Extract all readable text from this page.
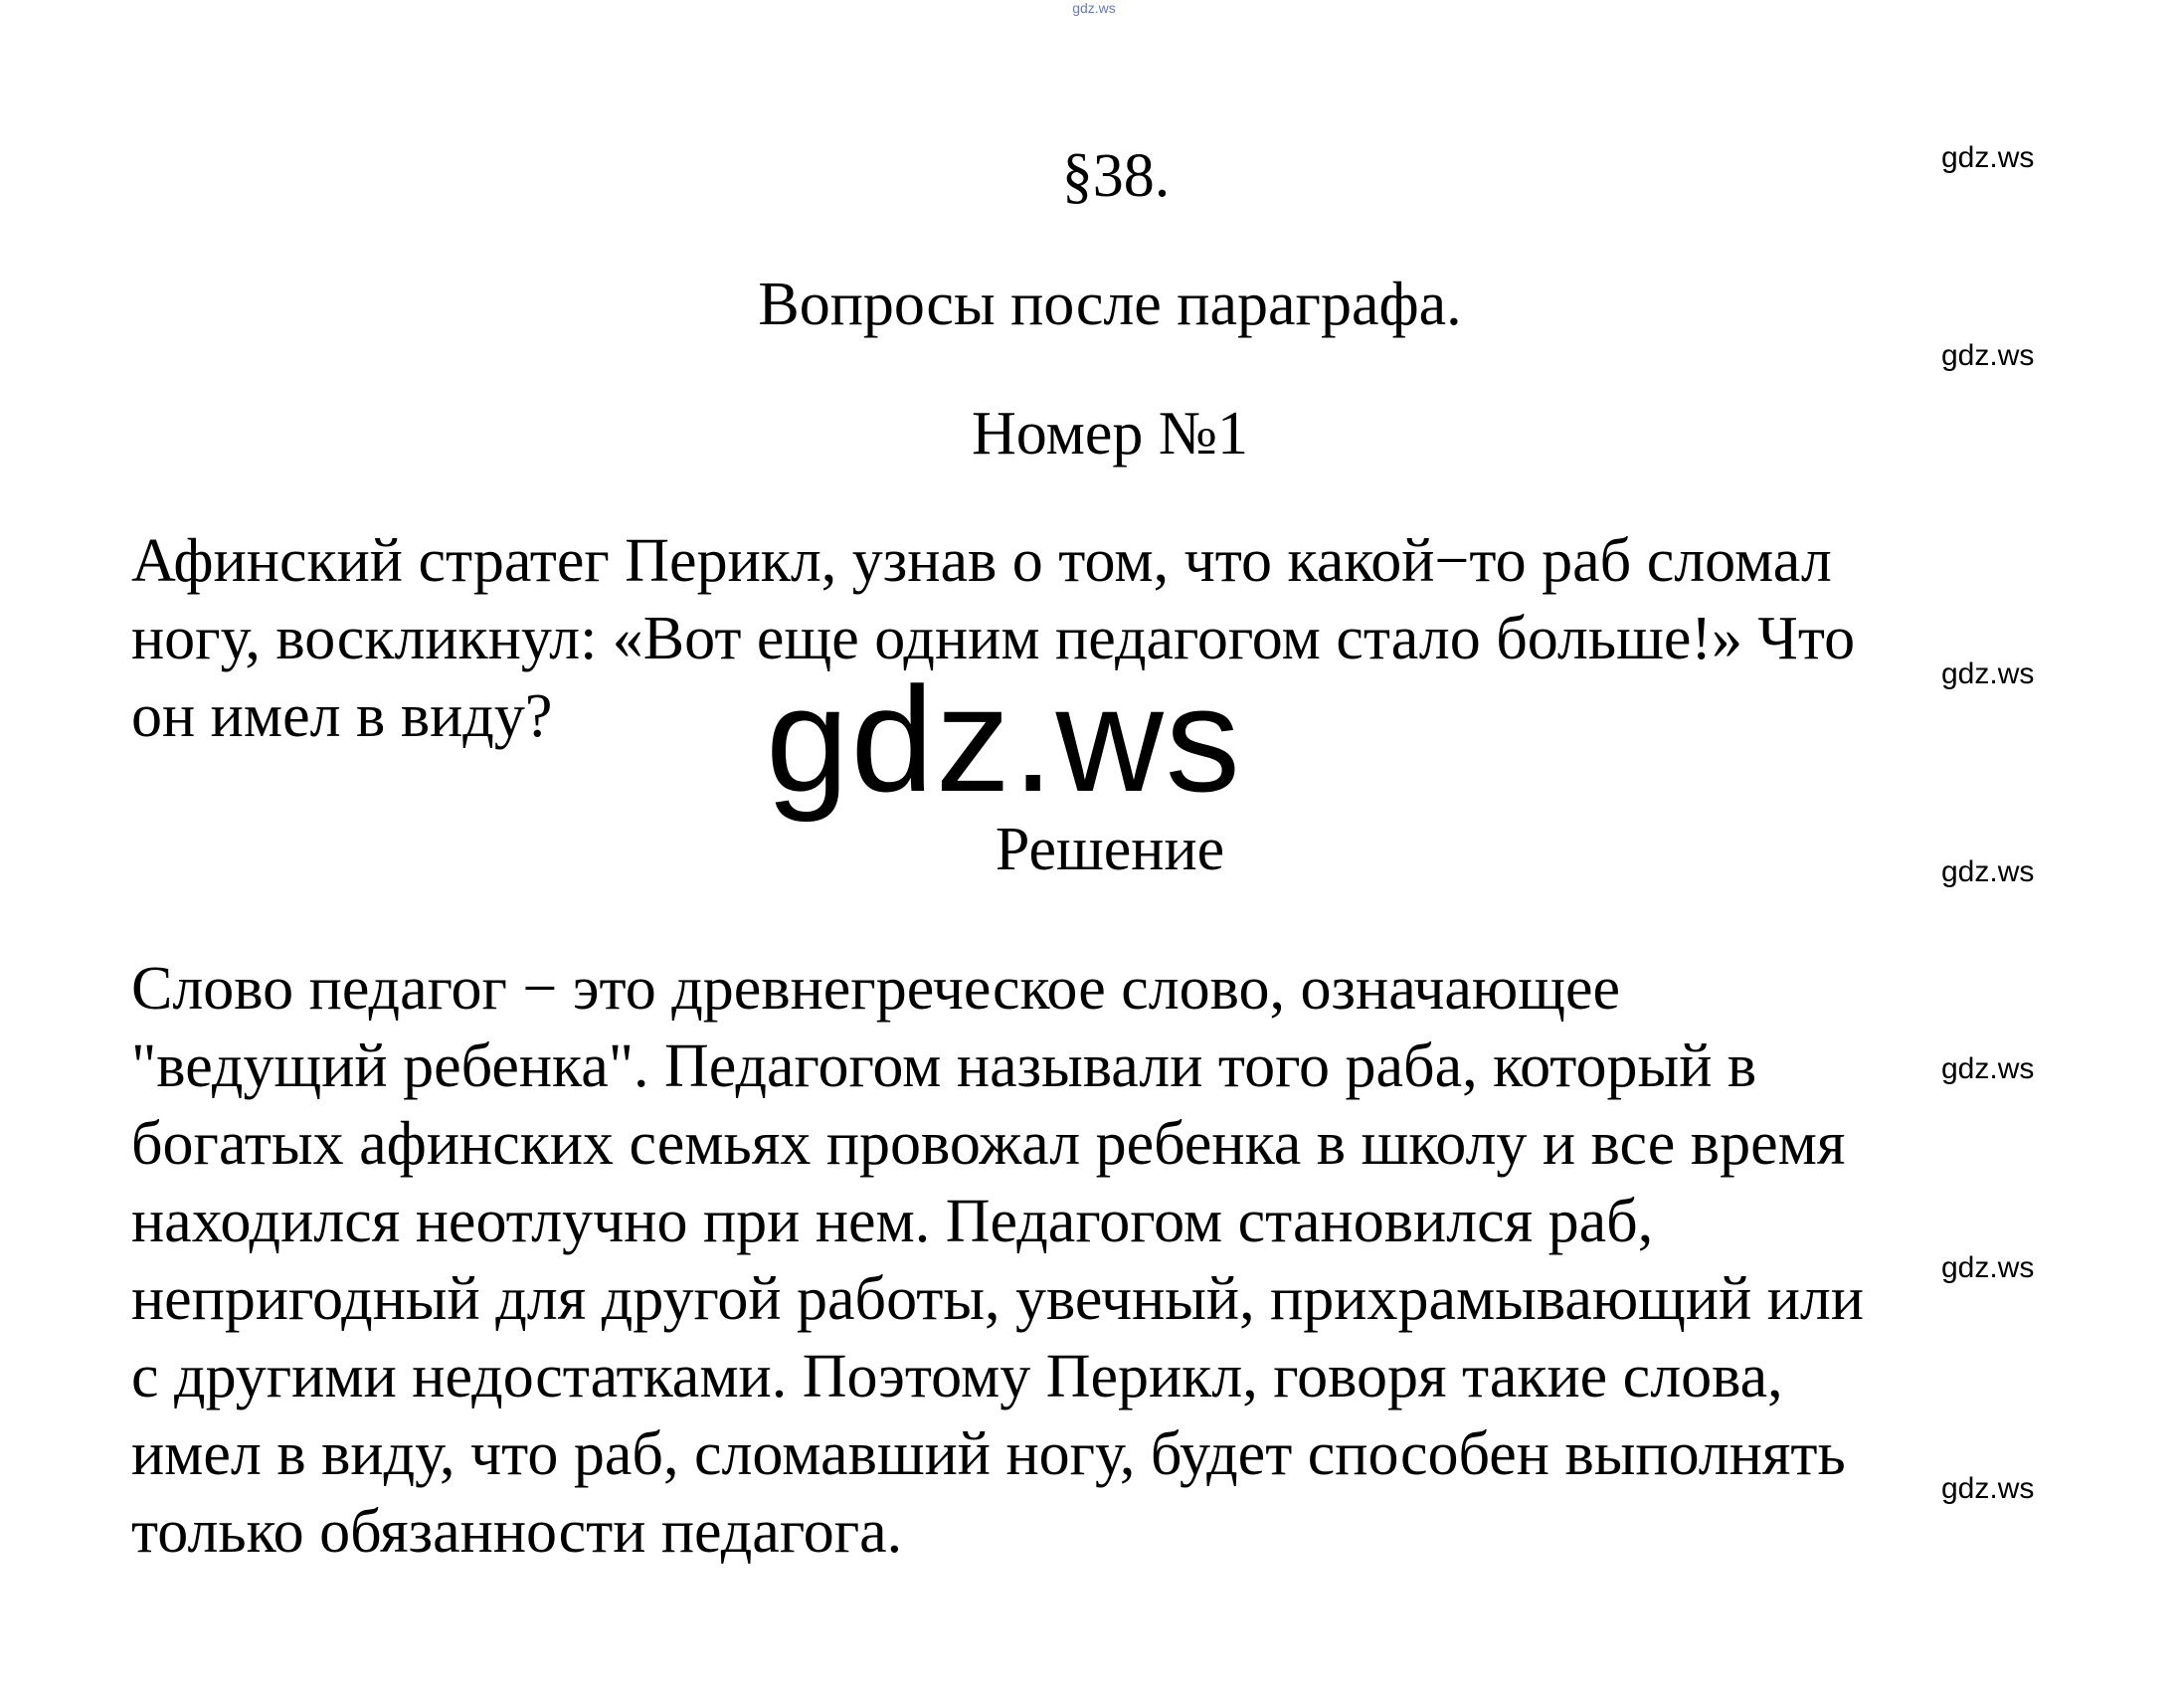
gdz.ws
§38.
Вопросы после параграфа.
Номер №1
Афинский стратег Перикл, узнав о том, что какой−то раб сломал
ногу, воскликнул: «Вот еще одним педагогом стало больше!» Что
он имел в виду?	gdz.ws
Решение
Слово педагог − это древнегреческое слово, означающее
"ведущий ребенка". Педагогом называли того раба, который в
богатых афинских семьях провожал ребенка в школу и все время
находился неотлучно при нем. Педагогом становился раб,
непригодный для другой работы, увечный, прихрамывающий или
с другими недостатками. Поэтому Перикл, говоря такие слова,
имел в виду, что раб, сломавший ногу, будет способен выполнять
только обязанности педагога.
gdz.ws
gdz.ws
gdz.ws
gdz.ws
gdz.ws
gdz.ws
gdz.ws
